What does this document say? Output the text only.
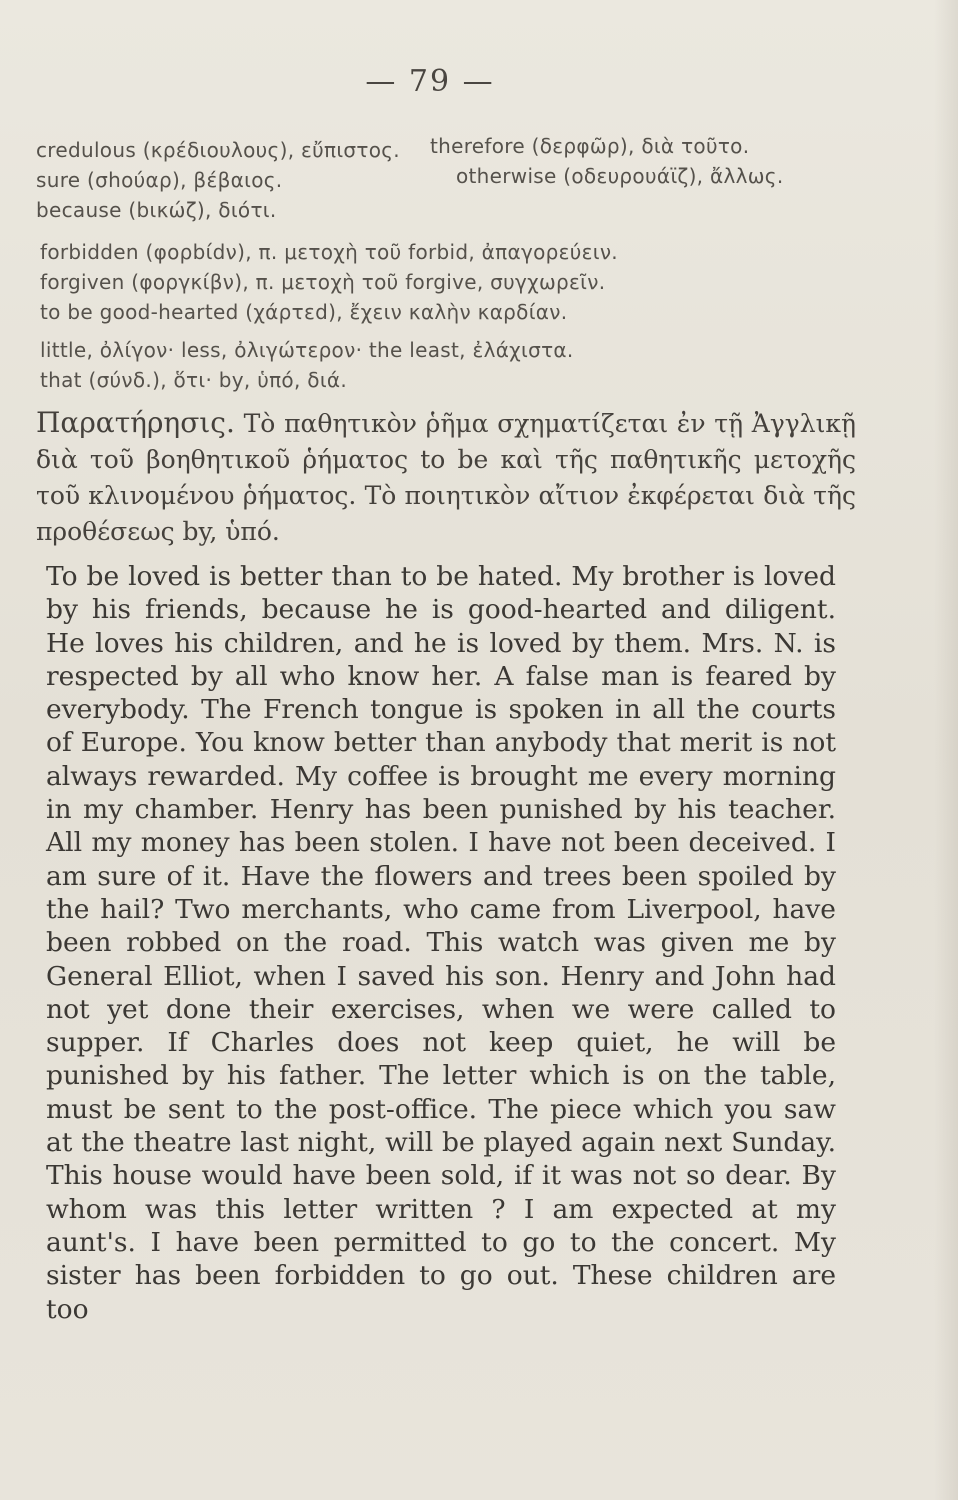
— 79 —
credulous (κρέδιουλους), εὔπιστος.
sure (σhούαρ), βέβαιος.
because (bικώζ), διότι.
therefore (δερφῶρ), διὰ τοῦτο.
otherwise (οδευρουάϊζ), ἄλλως.
forbidden (φορbίdν), π. μετοχὴ τοῦ forbid, ἀπαγορεύειν.
forgiven (φοργκίβν), π. μετοχὴ τοῦ forgive, συγχωρεῖν.
to be good-hearted (χάρτεd), ἔχειν καλὴν καρδίαν.
little, ὀλίγον· less, ὀλιγώτερον· the least, ἐλάχιστα.
that (σύνδ.), ὅτι· by, ὑπό, διά.
Παρατήρησις. Τὸ παθητικὸν ῥῆμα σχηματίζεται ἐν τῇ Ἀγγλικῇ διὰ τοῦ βοηθητικοῦ ῥήματος to be καὶ τῆς παθητικῆς μετοχῆς τοῦ κλινομένου ῥήματος. Τὸ ποιητικὸν αἴτιον ἐκφέρεται διὰ τῆς προθέσεως by, ὑπό.
To be loved is better than to be hated. My brother is loved by his friends, because he is good-hearted and diligent. He loves his children, and he is loved by them. Mrs. N. is respected by all who know her. A false man is feared by everybody. The French tongue is spoken in all the courts of Europe. You know better than anybody that merit is not always rewarded. My coffee is brought me every morning in my chamber. Henry has been punished by his teacher. All my money has been stolen. I have not been deceived. I am sure of it. Have the flowers and trees been spoiled by the hail? Two merchants, who came from Liverpool, have been robbed on the road. This watch was given me by General Elliot, when I saved his son. Henry and John had not yet done their exercises, when we were called to supper. If Charles does not keep quiet, he will be punished by his father. The letter which is on the table, must be sent to the post-office. The piece which you saw at the theatre last night, will be played again next Sunday. This house would have been sold, if it was not so dear. By whom was this letter written ? I am expected at my aunt's. I have been permitted to go to the concert. My sister has been forbidden to go out. These children are too
